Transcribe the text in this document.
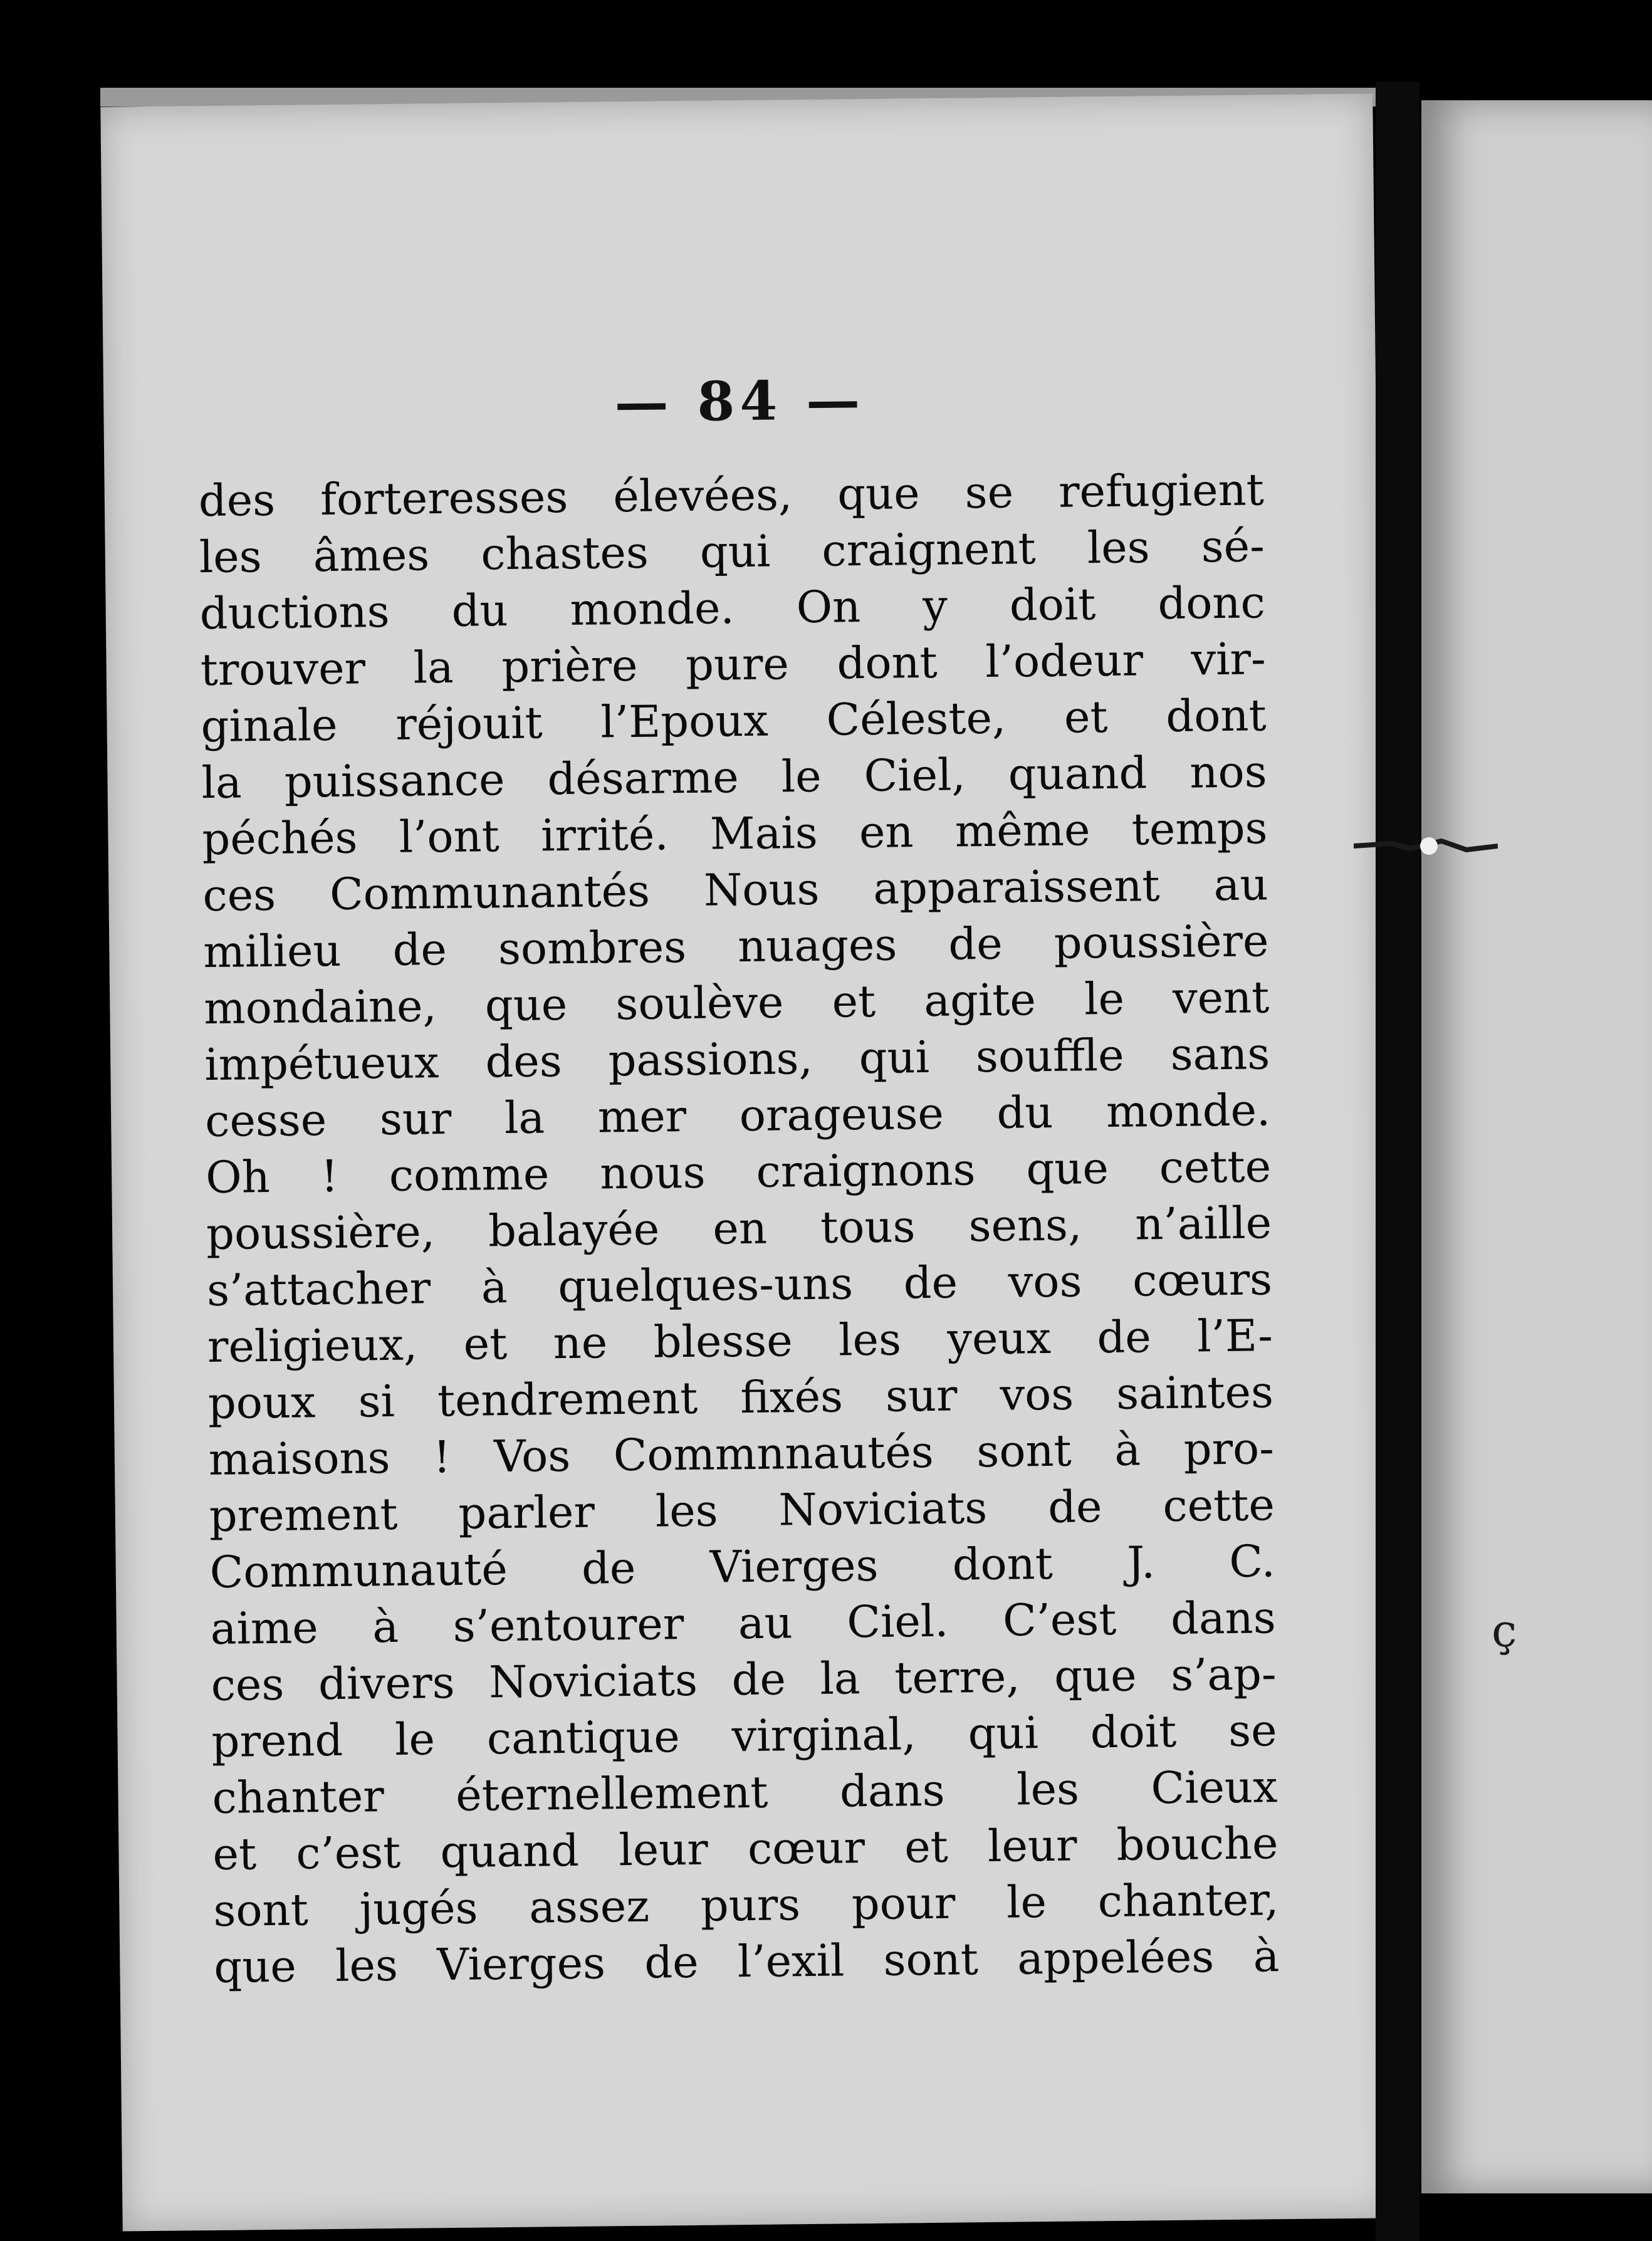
— 84 —
des forteresses élevées, que se refugient
les âmes chastes qui craignent les sé-
ductions du monde. On y doit donc
trouver la prière pure dont l’odeur vir-
ginale réjouit l’Epoux Céleste, et dont
la puissance désarme le Ciel, quand nos
péchés l’ont irrité. Mais en même temps
ces Communantés Nous apparaissent au
milieu de sombres nuages de poussière
mondaine, que soulève et agite le vent
impétueux des passions, qui souffle sans
cesse sur la mer orageuse du monde.
Oh ! comme nous craignons que cette
poussière, balayée en tous sens, n’aille
s’attacher à quelques-uns de vos cœurs
religieux, et ne blesse les yeux de l’E-
poux si tendrement fixés sur vos saintes
maisons ! Vos Commnnautés sont à pro-
prement parler les Noviciats de cette
Communauté de Vierges dont J. C.
aime à s’entourer au Ciel. C’est dans
ces divers Noviciats de la terre, que s’ap-
prend le cantique virginal, qui doit se
chanter éternellement dans les Cieux
et c’est quand leur cœur et leur bouche
sont jugés assez purs pour le chanter,
que les Vierges de l’exil sont appelées à
ç
